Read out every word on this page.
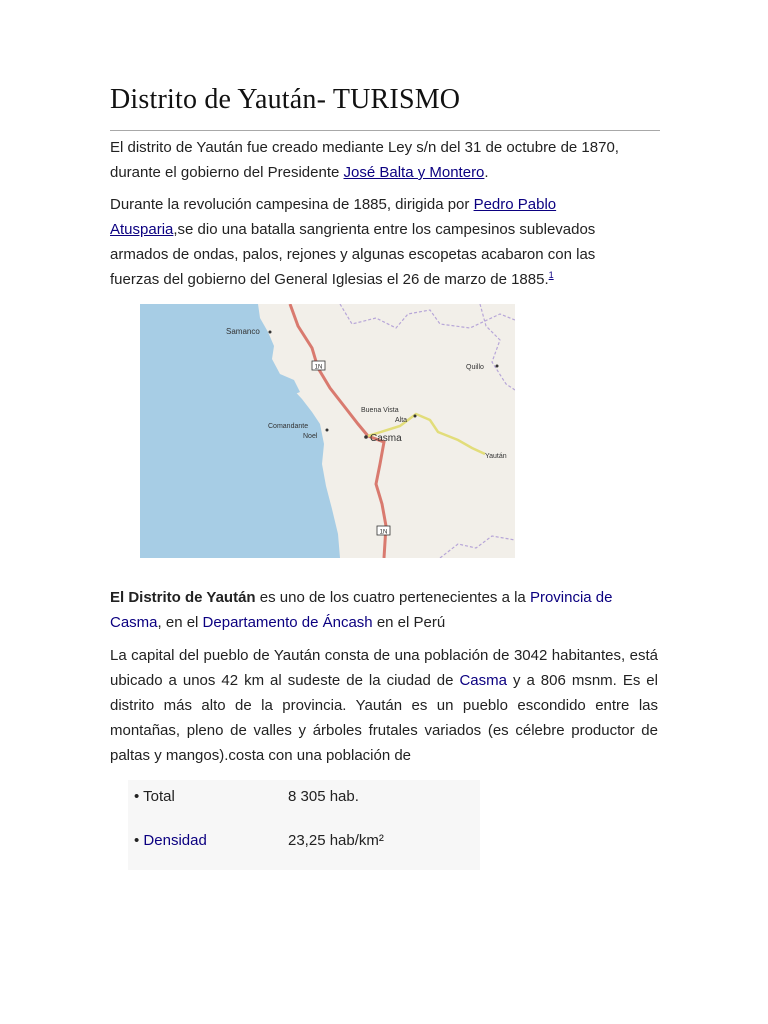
Distrito de Yaután- TURISMO

El distrito de Yaután fue creado mediante Ley s/n del 31 de octubre de 1870, durante el gobierno del Presidente José Balta y Montero.

Durante la revolución campesina de 1885, dirigida por Pedro Pablo Atusparia,se dio una batalla sangrienta entre los campesinos sublevados armados de ondas, palos, rejones y algunas escopetas acabaron con las fuerzas del gobierno del General Iglesias el 26 de marzo de 1885.$^1$

1N
1N
Samanco
Quillo
Buena Vista
Alta
Comandante
Noel	Casma
Yaután

El Distrito de Yaután es uno de los cuatro pertenecientes a la Provincia de Casma, en el Departamento de Áncash en el Perú

La capital del pueblo de Yaután consta de una población de 3042 habitantes, está ubicado a unos 42 km al sudeste de la ciudad de Casma y a 806 msnm. Es el distrito más alto de la provincia. Yaután es un pueblo escondido entre las montañas, pleno de valles y árboles frutales variados (es célebre productor de paltas y mangos).costa con una población de

• Total	8 305 hab.
• Densidad	23,25 hab/km²
